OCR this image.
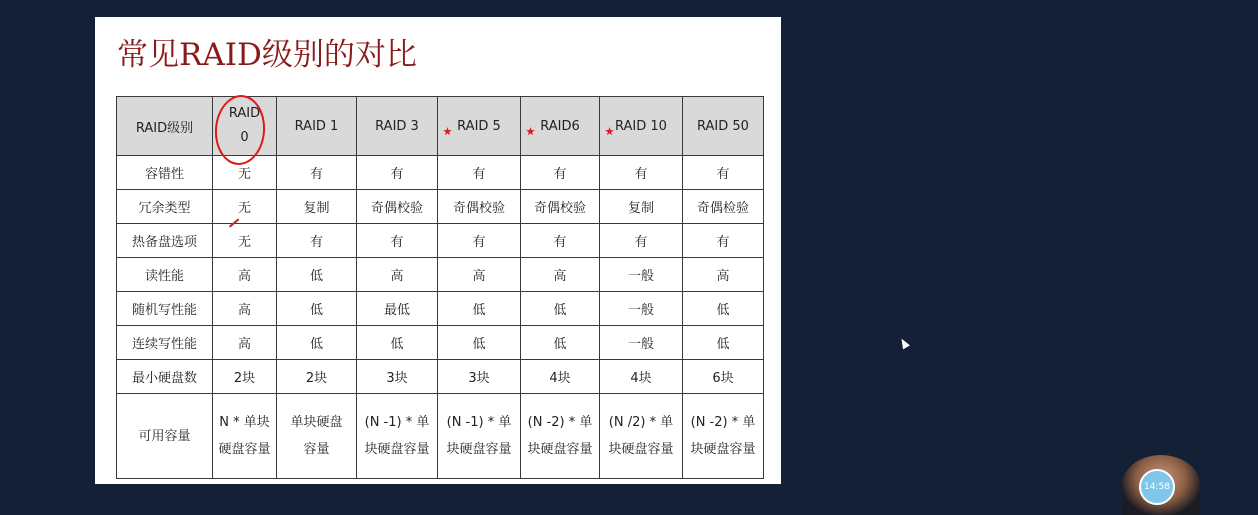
常见RAID级别的对比
RAID级别	RAID 0	RAID 1	RAID 3	RAID 5	RAID6	RAID 10	RAID 50
容错性	无	有	有	有	有	有	有
冗余类型	无	复制	奇偶校验	奇偶校验	奇偶校验	复制	奇偶检验
热备盘选项	无	有	有	有	有	有	有
读性能	高	低	高	高	高	一般	高
随机写性能	高	低	最低	低	低	一般	低
连续写性能	高	低	低	低	低	一般	低
最小硬盘数	2块	2块	3块	3块	4块	4块	6块
可用容量	N * 单块硬盘容量	单块硬盘容量	(N -1) * 单块硬盘容量	(N -1) * 单块硬盘容量	(N -2) * 单块硬盘容量	(N /2) * 单块硬盘容量	(N -2) * 单块硬盘容量
14:58
